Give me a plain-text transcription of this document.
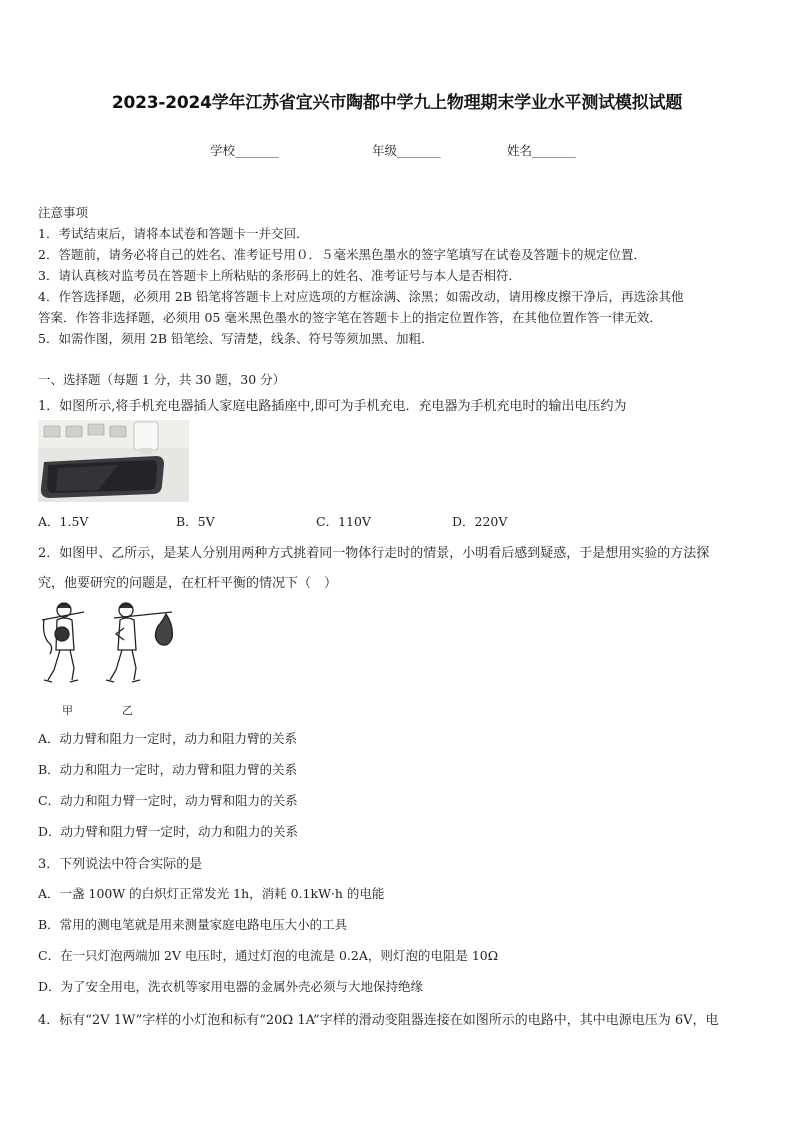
2023-2024学年江苏省宜兴市陶都中学九上物理期末学业水平测试模拟试题
学校_______	年级_______	姓名_______
注意事项
1．考试结束后，请将本试卷和答题卡一并交回．
2．答题前，请务必将自己的姓名、准考证号用０．５毫米黑色墨水的签字笔填写在试卷及答题卡的规定位置．
3．请认真核对监考员在答题卡上所粘贴的条形码上的姓名、准考证号与本人是否相符．
4．作答选择题，必须用 2B 铅笔将答题卡上对应选项的方框涂满、涂黑；如需改动，请用橡皮擦干净后，再选涂其他
答案．作答非选择题，必须用 05 毫米黑色墨水的签字笔在答题卡上的指定位置作答，在其他位置作答一律无效．
5．如需作图，须用 2B 铅笔绘、写清楚，线条、符号等须加黑、加粗．
一、选择题（每题 1 分，共 30 题，30 分）
1．如图所示,将手机充电器插人家庭电路插座中,即可为手机充电．充电器为手机充电时的输出电压约为
A．1.5V	B．5V	C．110V	D．220V
2．如图甲、乙所示，是某人分别用两种方式挑着同一物体行走时的情景，小明看后感到疑惑，于是想用实验的方法探
究，他要研究的问题是，在杠杆平衡的情况下（　）
甲	乙
A．动力臂和阻力一定时，动力和阻力臂的关系
B．动力和阻力一定时，动力臂和阻力臂的关系
C．动力和阻力臂一定时，动力臂和阻力的关系
D．动力臂和阻力臂一定时，动力和阻力的关系
3．下列说法中符合实际的是
A．一盏 100W 的白炽灯正常发光 1h，消耗 0.1kW·h 的电能
B．常用的测电笔就是用来测量家庭电路电压大小的工具
C．在一只灯泡两端加 2V 电压时，通过灯泡的电流是 0.2A，则灯泡的电阻是 10Ω
D．为了安全用电，洗衣机等家用电器的金属外壳必须与大地保持绝缘
4．标有“2V 1W”字样的小灯泡和标有“20Ω 1A”字样的滑动变阻器连接在如图所示的电路中，其中电源电压为 6V，电
